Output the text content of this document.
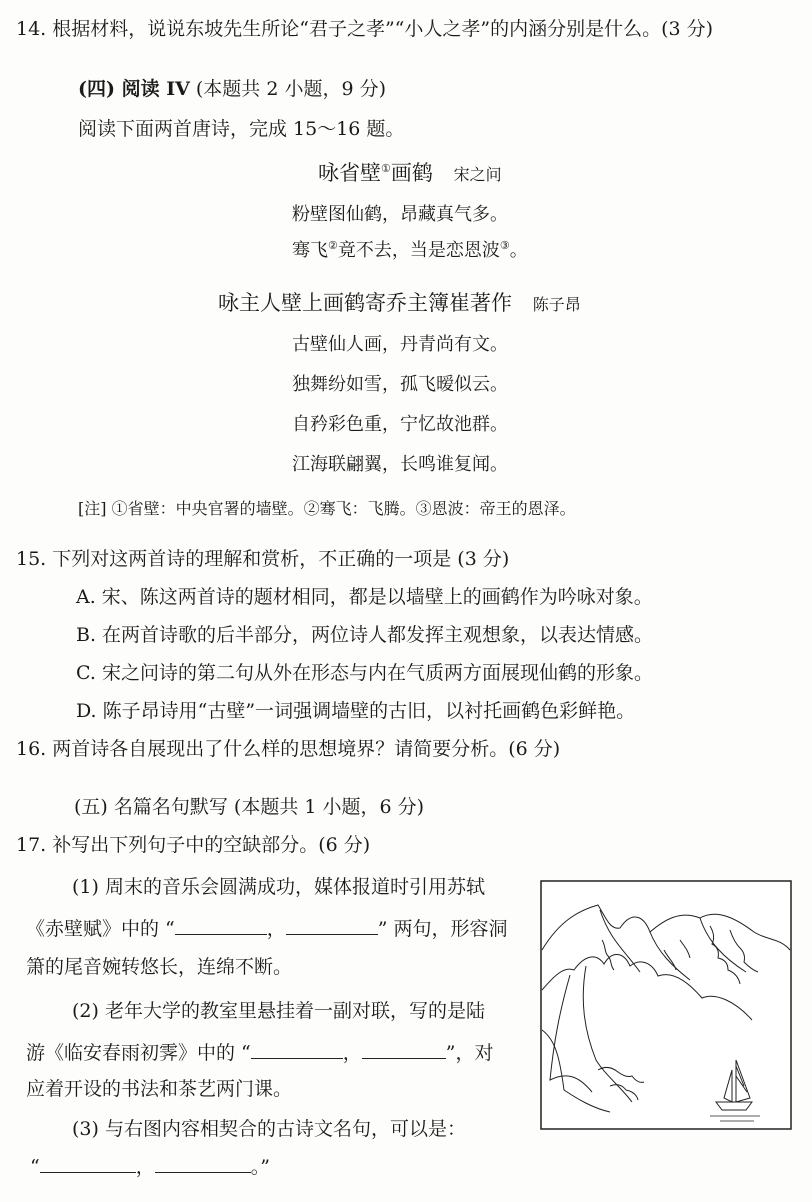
14. 根据材料，说说东坡先生所论“君子之孝”“小人之孝”的内涵分别是什么。(3 分)
(四) 阅读 IV (本题共 2 小题，9 分)
阅读下面两首唐诗，完成 15～16 题。
咏省壁①画鹤 宋之问
粉壁图仙鹤，昂藏真气多。
骞飞②竟不去，当是恋恩波③。
咏主人壁上画鹤寄乔主簿崔著作 陈子昂
古壁仙人画，丹青尚有文。
独舞纷如雪，孤飞暧似云。
自矜彩色重，宁忆故池群。
江海联翩翼，长鸣谁复闻。
[注] ①省壁：中央官署的墙壁。②骞飞：飞腾。③恩波：帝王的恩泽。
15. 下列对这两首诗的理解和赏析，不正确的一项是 (3 分)
A. 宋、陈这两首诗的题材相同，都是以墙壁上的画鹤作为吟咏对象。
B. 在两首诗歌的后半部分，两位诗人都发挥主观想象，以表达情感。
C. 宋之问诗的第二句从外在形态与内在气质两方面展现仙鹤的形象。
D. 陈子昂诗用“古壁”一词强调墙壁的古旧，以衬托画鹤色彩鲜艳。
16. 两首诗各自展现出了什么样的思想境界？请简要分析。(6 分)
(五) 名篇名句默写 (本题共 1 小题，6 分)
17. 补写出下列句子中的空缺部分。(6 分)
(1) 周末的音乐会圆满成功，媒体报道时引用苏轼
《赤壁赋》中的 “	，	” 两句，形容洞
箫的尾音婉转悠长，连绵不断。
(2) 老年大学的教室里悬挂着一副对联，写的是陆
游《临安春雨初霁》中的 “	，	”，对
应着开设的书法和茶艺两门课。
(3) 与右图内容相契合的古诗文名句，可以是：
“	，	。”
